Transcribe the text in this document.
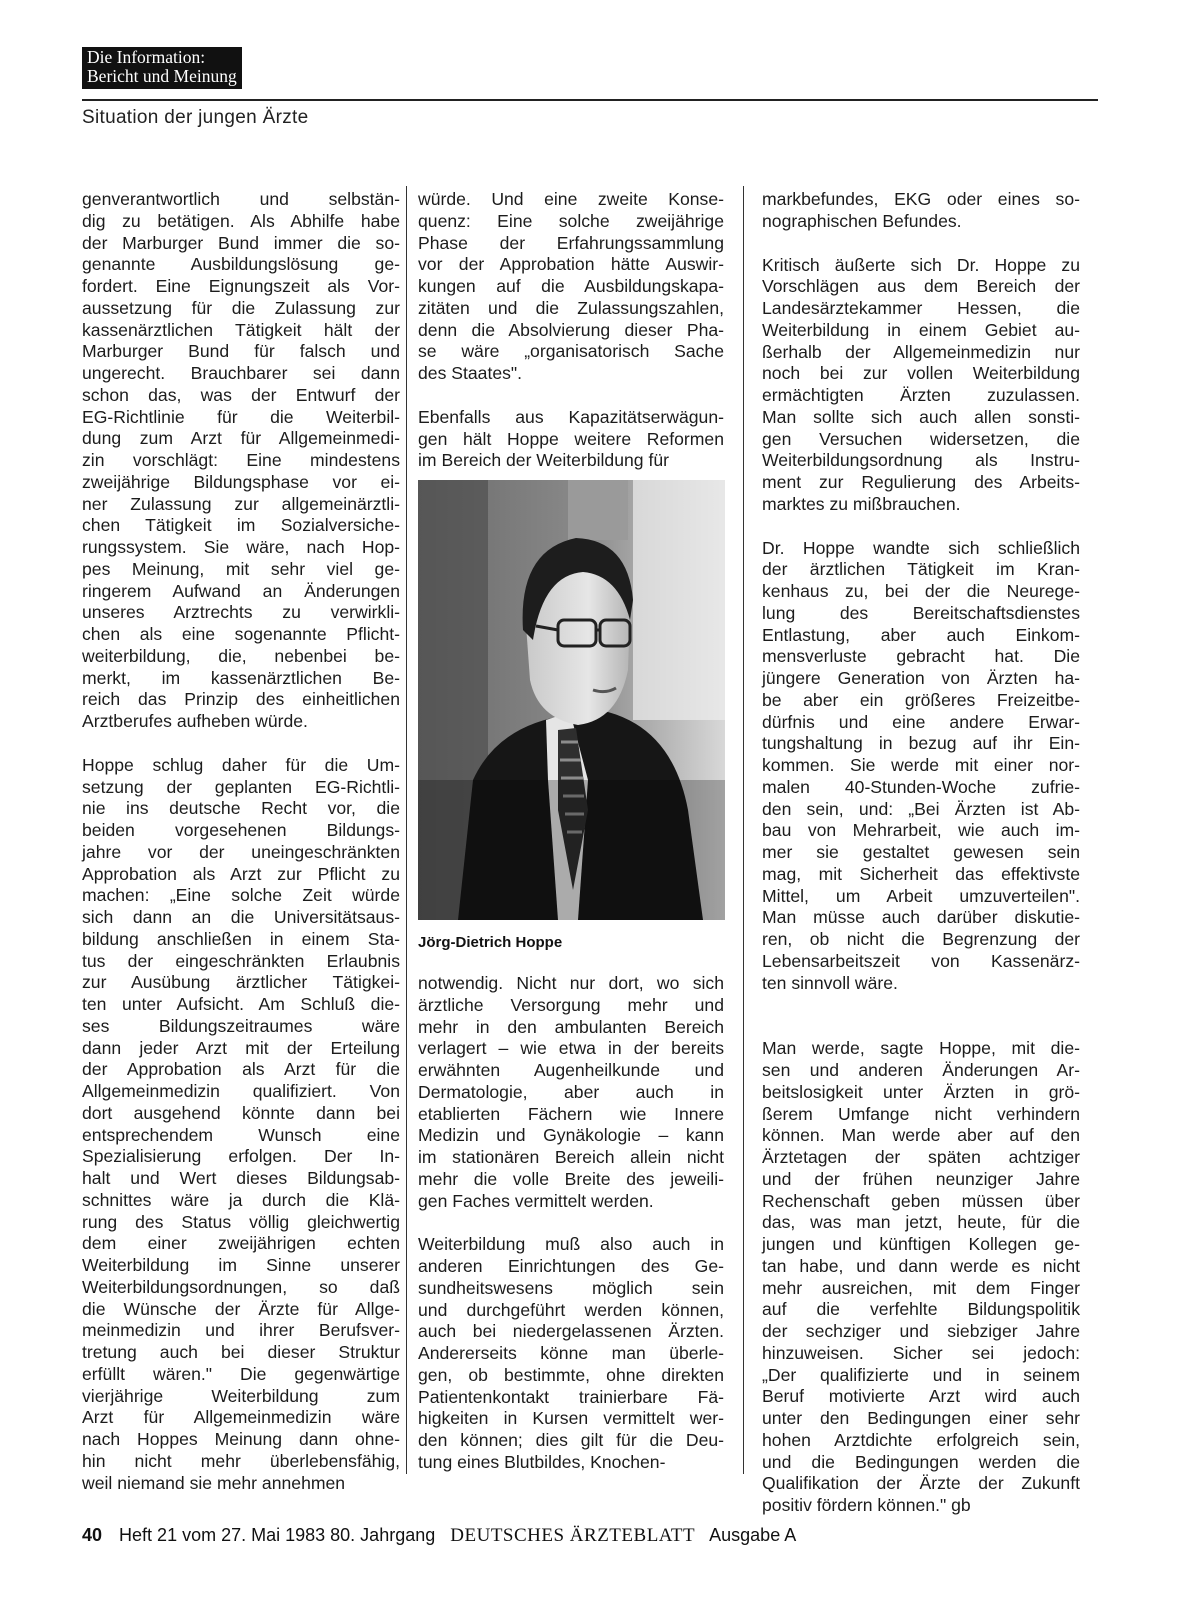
Die Information:
Bericht und Meinung
Situation der jungen Ärzte
genverantwortlich und selbstän-
dig zu betätigen. Als Abhilfe habe
der Marburger Bund immer die so-
genannte Ausbildungslösung ge-
fordert. Eine Eignungszeit als Vor-
aussetzung für die Zulassung zur
kassenärztlichen Tätigkeit hält der
Marburger Bund für falsch und
ungerecht. Brauchbarer sei dann
schon das, was der Entwurf der
EG-Richtlinie für die Weiterbil-
dung zum Arzt für Allgemeinmedi-
zin vorschlägt: Eine mindestens
zweijährige Bildungsphase vor ei-
ner Zulassung zur allgemeinärztli-
chen Tätigkeit im Sozialversiche-
rungssystem. Sie wäre, nach Hop-
pes Meinung, mit sehr viel ge-
ringerem Aufwand an Änderungen
unseres Arztrechts zu verwirkli-
chen als eine sogenannte Pflicht-
weiterbildung, die, nebenbei be-
merkt, im kassenärztlichen Be-
reich das Prinzip des einheitlichen
Arztberufes aufheben würde.
Hoppe schlug daher für die Um-
setzung der geplanten EG-Richtli-
nie ins deutsche Recht vor, die
beiden vorgesehenen Bildungs-
jahre vor der uneingeschränkten
Approbation als Arzt zur Pflicht zu
machen: „Eine solche Zeit würde
sich dann an die Universitätsaus-
bildung anschließen in einem Sta-
tus der eingeschränkten Erlaubnis
zur Ausübung ärztlicher Tätigkei-
ten unter Aufsicht. Am Schluß die-
ses Bildungszeitraumes wäre
dann jeder Arzt mit der Erteilung
der Approbation als Arzt für die
Allgemeinmedizin qualifiziert. Von
dort ausgehend könnte dann bei
entsprechendem Wunsch eine
Spezialisierung erfolgen. Der In-
halt und Wert dieses Bildungsab-
schnittes wäre ja durch die Klä-
rung des Status völlig gleichwertig
dem einer zweijährigen echten
Weiterbildung im Sinne unserer
Weiterbildungsordnungen, so daß
die Wünsche der Ärzte für Allge-
meinmedizin und ihrer Berufsver-
tretung auch bei dieser Struktur
erfüllt wären." Die gegenwärtige
vierjährige Weiterbildung zum
Arzt für Allgemeinmedizin wäre
nach Hoppes Meinung dann ohne-
hin nicht mehr überlebensfähig,
weil niemand sie mehr annehmen
würde. Und eine zweite Konse-
quenz: Eine solche zweijährige
Phase der Erfahrungssammlung
vor der Approbation hätte Auswir-
kungen auf die Ausbildungskapa-
zitäten und die Zulassungszahlen,
denn die Absolvierung dieser Pha-
se wäre „organisatorisch Sache
des Staates".
Ebenfalls aus Kapazitätserwägun-
gen hält Hoppe weitere Reformen
im Bereich der Weiterbildung für
Jörg-Dietrich Hoppe
notwendig. Nicht nur dort, wo sich
ärztliche Versorgung mehr und
mehr in den ambulanten Bereich
verlagert – wie etwa in der bereits
erwähnten Augenheilkunde und
Dermatologie, aber auch in
etablierten Fächern wie Innere
Medizin und Gynäkologie – kann
im stationären Bereich allein nicht
mehr die volle Breite des jeweili-
gen Faches vermittelt werden.
Weiterbildung muß also auch in
anderen Einrichtungen des Ge-
sundheitswesens möglich sein
und durchgeführt werden können,
auch bei niedergelassenen Ärzten.
Andererseits könne man überle-
gen, ob bestimmte, ohne direkten
Patientenkontakt trainierbare Fä-
higkeiten in Kursen vermittelt wer-
den können; dies gilt für die Deu-
tung eines Blutbildes, Knochen-
markbefundes, EKG oder eines so-
nographischen Befundes.
Kritisch äußerte sich Dr. Hoppe zu
Vorschlägen aus dem Bereich der
Landesärztekammer Hessen, die
Weiterbildung in einem Gebiet au-
ßerhalb der Allgemeinmedizin nur
noch bei zur vollen Weiterbildung
ermächtigten Ärzten zuzulassen.
Man sollte sich auch allen sonsti-
gen Versuchen widersetzen, die
Weiterbildungsordnung als Instru-
ment zur Regulierung des Arbeits-
marktes zu mißbrauchen.
Dr. Hoppe wandte sich schließlich
der ärztlichen Tätigkeit im Kran-
kenhaus zu, bei der die Neurege-
lung des Bereitschaftsdienstes
Entlastung, aber auch Einkom-
mensverluste gebracht hat. Die
jüngere Generation von Ärzten ha-
be aber ein größeres Freizeitbe-
dürfnis und eine andere Erwar-
tungshaltung in bezug auf ihr Ein-
kommen. Sie werde mit einer nor-
malen 40-Stunden-Woche zufrie-
den sein, und: „Bei Ärzten ist Ab-
bau von Mehrarbeit, wie auch im-
mer sie gestaltet gewesen sein
mag, mit Sicherheit das effektivste
Mittel, um Arbeit umzuverteilen".
Man müsse auch darüber diskutie-
ren, ob nicht die Begrenzung der
Lebensarbeitszeit von Kassenärz-
ten sinnvoll wäre.
Man werde, sagte Hoppe, mit die-
sen und anderen Änderungen Ar-
beitslosigkeit unter Ärzten in grö-
ßerem Umfange nicht verhindern
können. Man werde aber auf den
Ärztetagen der späten achtziger
und der frühen neunziger Jahre
Rechenschaft geben müssen über
das, was man jetzt, heute, für die
jungen und künftigen Kollegen ge-
tan habe, und dann werde es nicht
mehr ausreichen, mit dem Finger
auf die verfehlte Bildungspolitik
der sechziger und siebziger Jahre
hinzuweisen. Sicher sei jedoch:
„Der qualifizierte und in seinem
Beruf motivierte Arzt wird auch
unter den Bedingungen einer sehr
hohen Arztdichte erfolgreich sein,
und die Bedingungen werden die
Qualifikation der Ärzte der Zukunft
positiv fördern können." gb
40 Heft 21 vom 27. Mai 1983 80. Jahrgang DEUTSCHES ÄRZTEBLATT Ausgabe A
